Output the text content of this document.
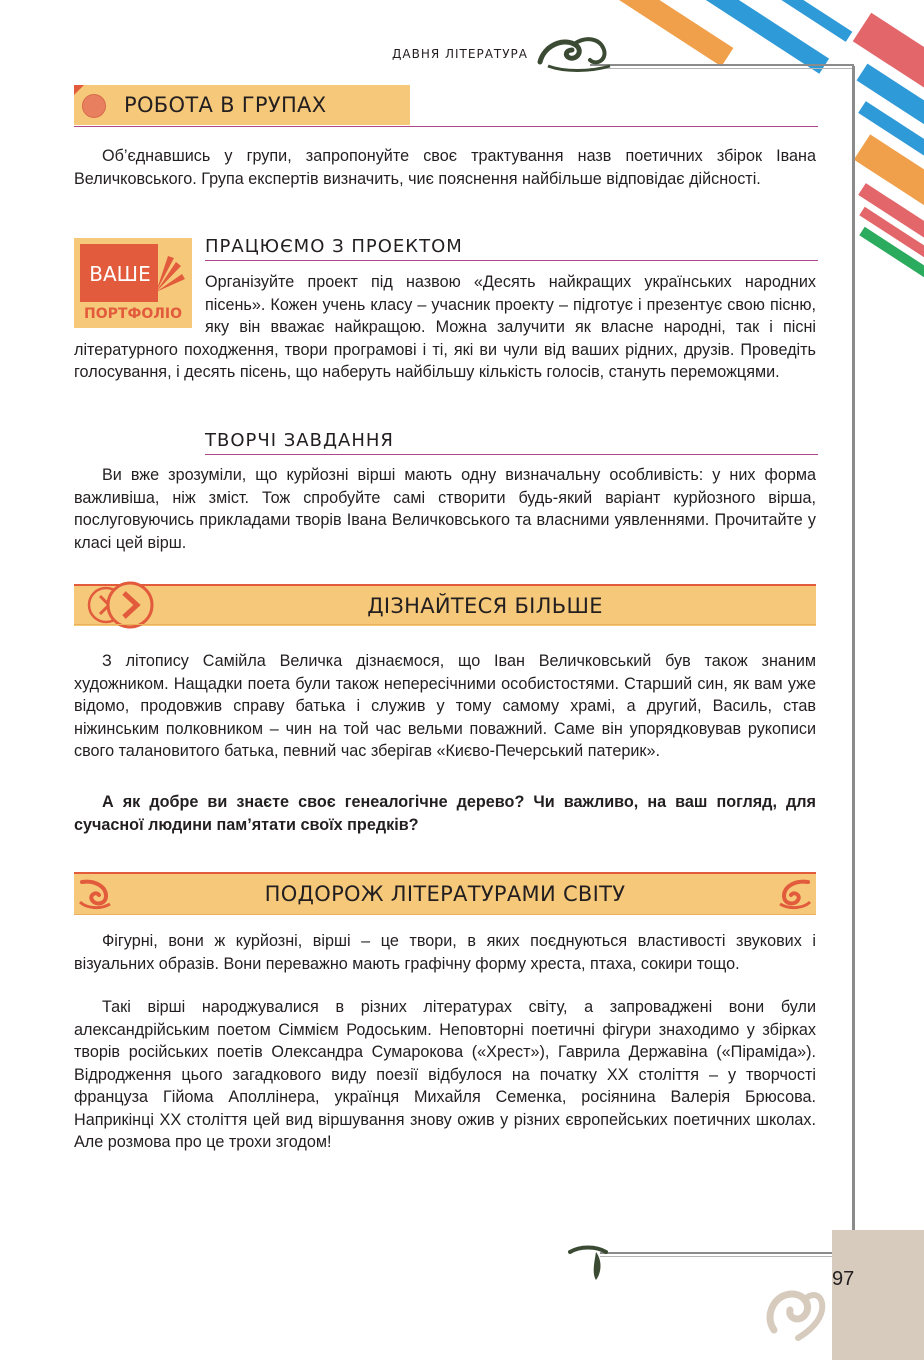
ДАВНЯ ЛІТЕРАТУРА
РОБОТА В ГРУПАХ
Об’єднавшись у групи, запропонуйте своє трактування назв поетичних збірок Івана Величковського. Група експертів визначить, чиє пояснення найбільше відповідає дійсності.
ВАШЕ
ПОРТФОЛІО
ПРАЦЮЄМО З ПРОЕКТОМ
Організуйте проект під назвою «Десять найкращих українських народних пісень». Кожен учень класу – учасник проекту – підготує і презентує свою пісню, яку він вважає найкращою. Можна залучити як власне народні, так і пісні літературного походження, твори програмові і ті, які ви чули від ваших рідних, друзів. Проведіть голосування, і десять пісень, що наберуть найбільшу кількість голосів, стануть переможцями.
ТВОРЧІ ЗАВДАННЯ
Ви вже зрозуміли, що курйозні вірші мають одну визначальну особливість: у них форма важливіша, ніж зміст. Тож спробуйте самі створити будь-який варіант курйозного вірша, послуговуючись прикладами творів Івана Величковського та власними уявленнями. Прочитайте у класі цей вірш.
ДІЗНАЙТЕСЯ БІЛЬШЕ
З літопису Самійла Величка дізнаємося, що Іван Величковський був також знаним художником. Нащадки поета були також непересічними особистостями. Старший син, як вам уже відомо, продовжив справу батька і служив у тому самому храмі, а другий, Василь, став ніжинським полковником – чин на той час вельми поважний. Саме він упорядковував рукописи свого талановитого батька, певний час зберігав «Києво-Печерський патерик».
А як добре ви знаєте своє генеалогічне дерево? Чи важливо, на ваш погляд, для сучасної людини пам’ятати своїх предків?
ПОДОРОЖ ЛІТЕРАТУРАМИ СВІТУ
Фігурні, вони ж курйозні, вірші – це твори, в яких поєднуються властивості звукових і візуальних образів. Вони переважно мають графічну форму хреста, птаха, сокири тощо.
Такі вірші народжувалися в різних літературах світу, а запроваджені вони були александрійським поетом Сіммієм Родоським. Неповторні поетичні фігури знаходимо у збірках творів російських поетів Олександра Сумарокова («Хрест»), Гаврила Державіна («Піраміда»). Відродження цього загадкового виду поезії відбулося на початку XX століття – у творчості француза Гійома Аполлінера, українця Михайля Семенка, росіянина Валерія Брюсова. Наприкінці XX століття цей вид віршування знову ожив у різних європейських поетичних школах. Але розмова про це трохи згодом!
97
